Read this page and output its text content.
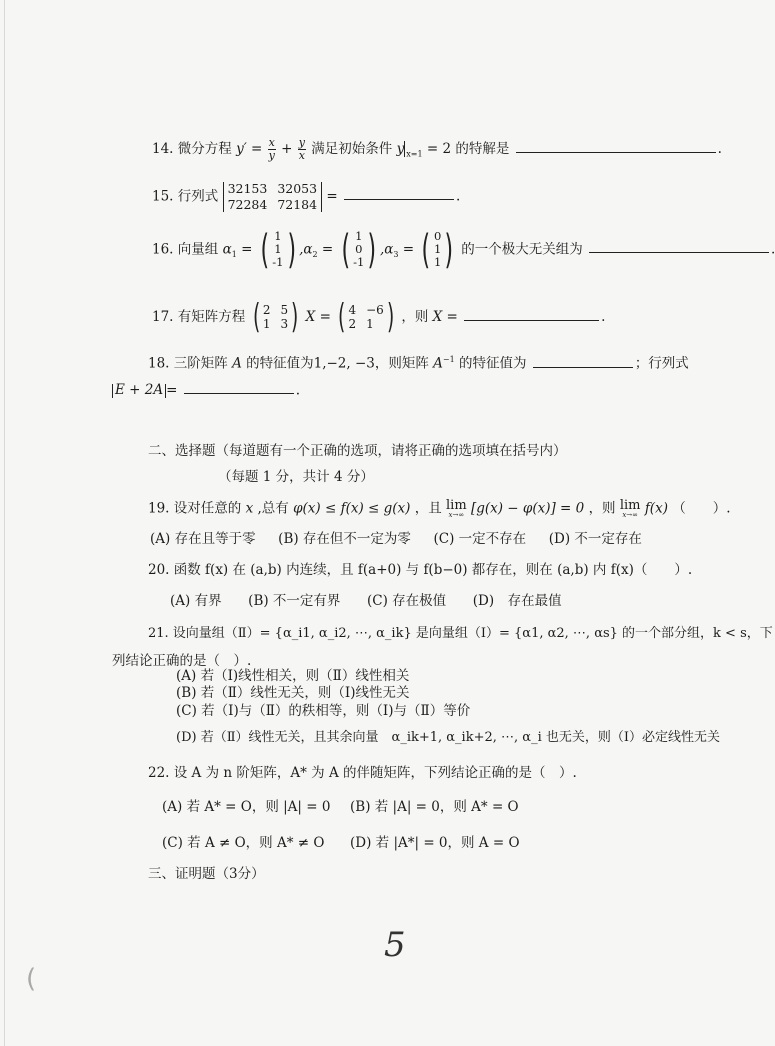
14. 微分方程 $y' = \frac{x}{y} + \frac{y}{x}$ 满足初始条件 y $_{x=1}$ = 2 的特解是	.
15. 行列式 32153 32053
72284 72184 =	.
16. 向量组 $\alpha_1$ = ( 1
1
-1 ) $,\alpha_2$ = ( 1
0
-1 ) $,\alpha_3$ = ( 0
1
1 ) 的一个极大无关组为	.
17. 有矩阵方程 ( 2 5
1 3 ) X = ( 4 −6
2 1 ) ，则 X =	.
18. 三阶矩阵 A 的特征值为1,−2, −3，则矩阵 $A^{-1}$ 的特征值为	；行列式
E + 2A =	.
二、选择题（每道题有一个正确的选项，请将正确的选项填在括号内）
（每题 1 分，共计 4 分）
19. 设对任意的 x ,总有 φ(x) ≤ f(x) ≤ g(x) ，且 lim
x→∞ [g(x) − φ(x)] = 0 ，则 lim
x→∞ f(x) （　　）.
(A) 存在且等于零 (B) 存在但不一定为零 (C) 一定不存在 (D) 不一定存在
20. 函数 f(x) 在 (a,b) 内连续，且 f(a+0) 与 f(b−0) 都存在，则在 (a,b) 内 f(x)（　　）.
(A) 有界 (B) 不一定有界 (C) 存在极值 (D)　存在最值
21. 设向量组（Ⅱ）= {α_i1, α_i2, ⋯, α_ik} 是向量组（Ⅰ）= {α1, α2, ⋯, αs} 的一个部分组，k < s，下
列结论正确的是（　）.
(A) 若（Ⅰ)线性相关，则（Ⅱ）线性相关
(B) 若（Ⅱ）线性无关，则（Ⅰ)线性无关
(C) 若（Ⅰ)与（Ⅱ）的秩相等，则（Ⅰ)与（Ⅱ）等价
(D) 若（Ⅱ）线性无关，且其余向量　α_ik+1, α_ik+2, ⋯, α_i 也无关，则（Ⅰ）必定线性无关
22. 设 A 为 n 阶矩阵，A* 为 A 的伴随矩阵，下列结论正确的是（　）.
(A) 若 A* = O，则 |A| = 0 (B) 若 |A| = 0，则 A* = O
(C) 若 A ≠ O，则 A* ≠ O (D) 若 |A*| = 0，则 A = O
三、证明题（3分）
5
(
